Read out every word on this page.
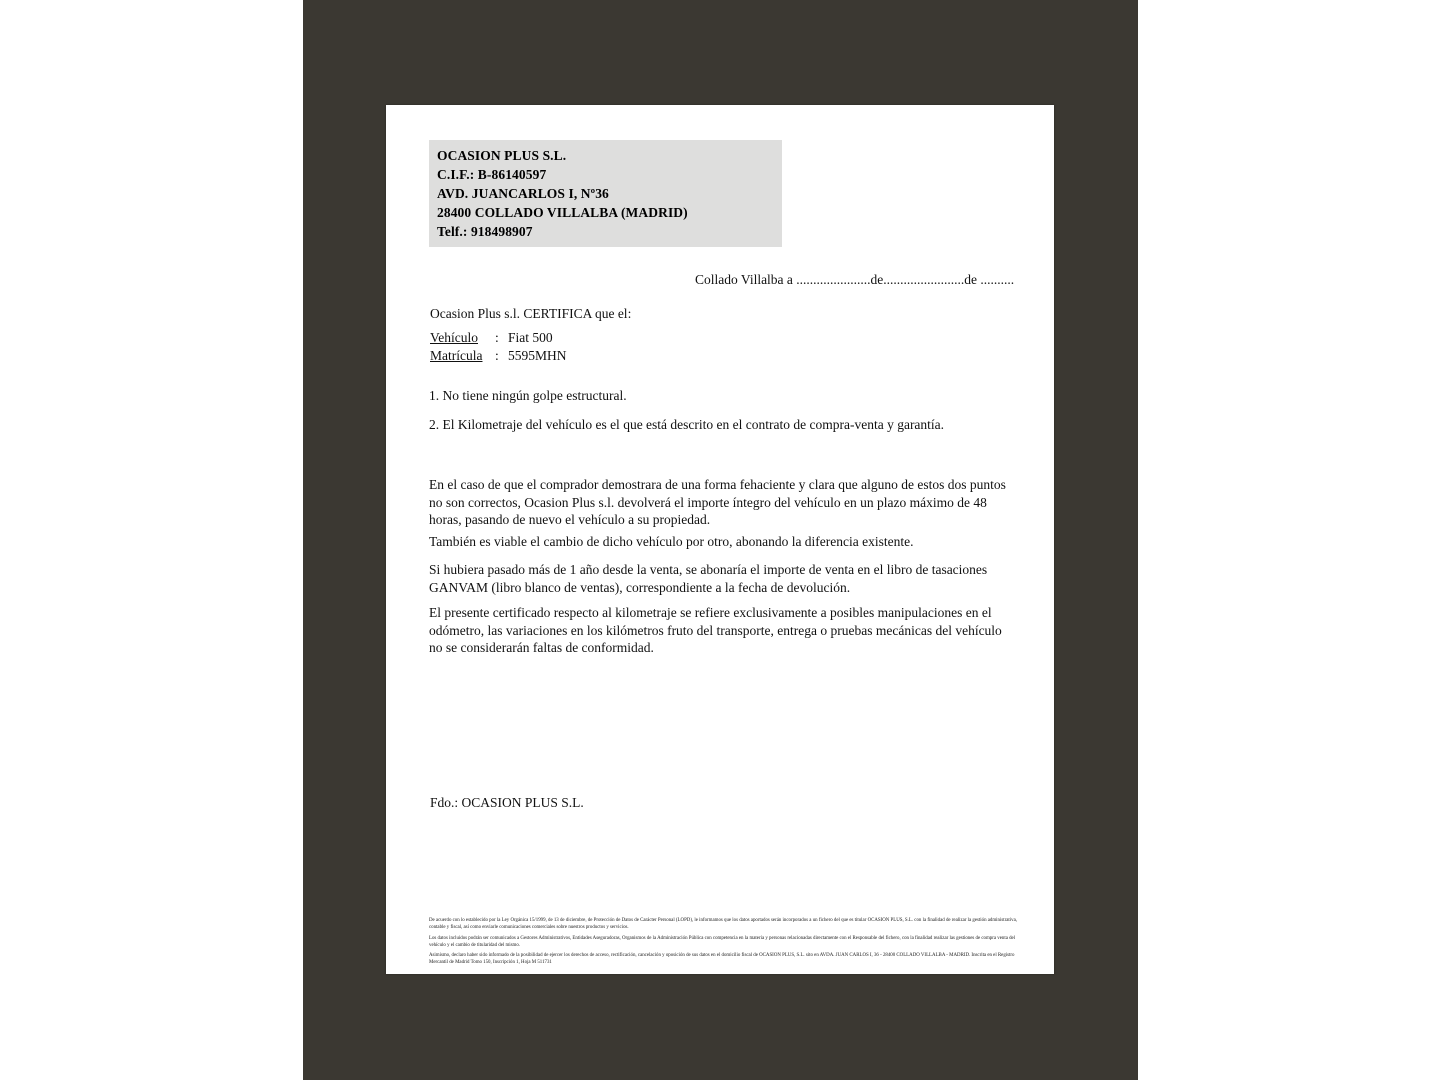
OCASION PLUS S.L.
C.I.F.: B-86140597
AVD. JUANCARLOS I, Nº36
28400 COLLADO VILLALBA (MADRID)
Telf.: 918498907
Collado Villalba a ......................de........................de ..........
Ocasion Plus s.l. CERTIFICA que el:
Vehículo	: Fiat 500
Matrícula : 5595MHN
1. No tiene ningún golpe estructural.
2. El Kilometraje del vehículo es el que está descrito en el contrato de compra-venta y garantía.
En el caso de que el comprador demostrara de una forma fehaciente y clara que alguno de estos dos puntos no son correctos, Ocasion Plus s.l. devolverá el importe íntegro del vehículo en un plazo máximo de 48 horas, pasando de nuevo el vehículo a su propiedad.
También es viable el cambio de dicho vehículo por otro, abonando la diferencia existente.
Si hubiera pasado más de 1 año desde la venta, se abonaría el importe de venta en el libro de tasaciones GANVAM (libro blanco de ventas), correspondiente a la fecha de devolución.
El presente certificado respecto al kilometraje se refiere exclusivamente a posibles manipulaciones en el odómetro, las variaciones en los kilómetros fruto del transporte, entrega o pruebas mecánicas del vehículo no se considerarán faltas de conformidad.
Fdo.: OCASION PLUS S.L.

De acuerdo con lo establecido por la Ley Orgánica 15/1999, de 13 de diciembre, de Protección de Datos de Carácter Personal (LOPD), le informamos que los datos aportados serán incorporados a un fichero del que es titular OCASION PLUS, S.L. con la finalidad de realizar la gestión administrativa, contable y fiscal, así como enviarle comunicaciones comerciales sobre nuestros productos y servicios.

Los datos incluidos podrán ser comunicados a Gestores Administrativos, Entidades Aseguradoras, Organismos de la Administración Pública con competencia en la materia y personas relacionadas directamente con el Responsable del fichero, con la finalidad realizar las gestiones de compra venta del vehículo y el cambio de titularidad del mismo.

Asimismo, declaro haber sido informado de la posibilidad de ejercer los derechos de acceso, rectificación, cancelación y oposición de sus datos en el domicilio fiscal de OCASION PLUS, S.L. sito en AVDA. JUAN CARLOS I, 36 - 28400 COLLADO VILLALBA - MADRID. Inscrita en el Registro Mercantil de Madrid Tomo 150, Inscripción 1, Hoja M 511731
